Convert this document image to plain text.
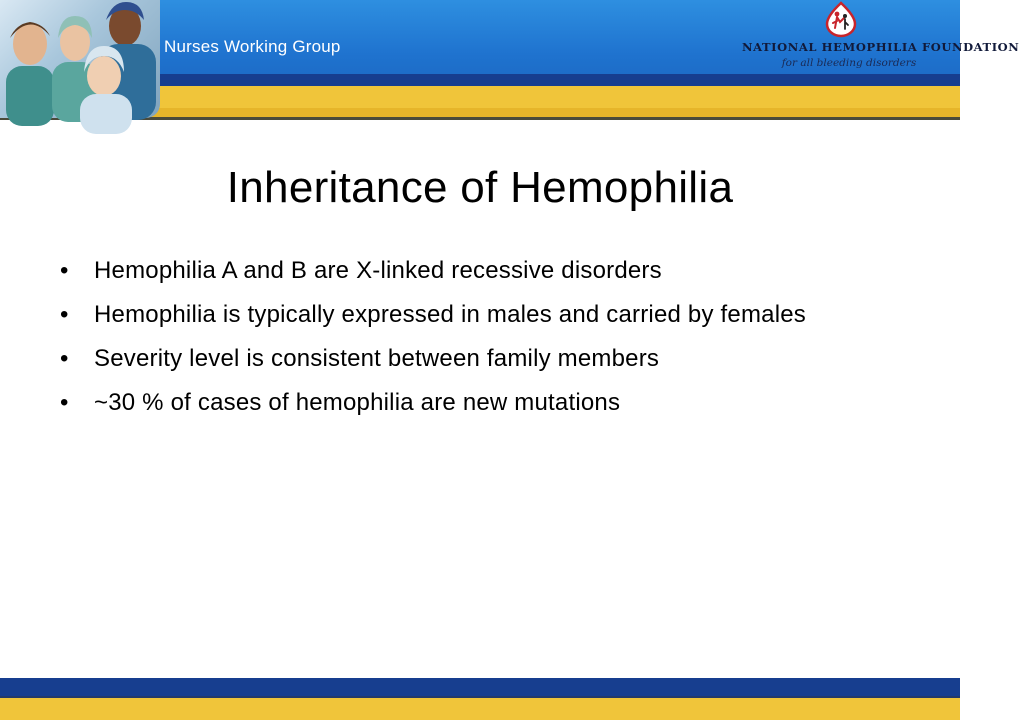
Nurses Working Group	NATIONAL HEMOPHILIA FOUNDATION
for all bleeding disorders
Inheritance of Hemophilia
• Hemophilia A and B are X-linked recessive disorders
• Hemophilia is typically expressed in males and carried by females
• Severity level is consistent between family members
• ~30 % of cases of hemophilia are new mutations
